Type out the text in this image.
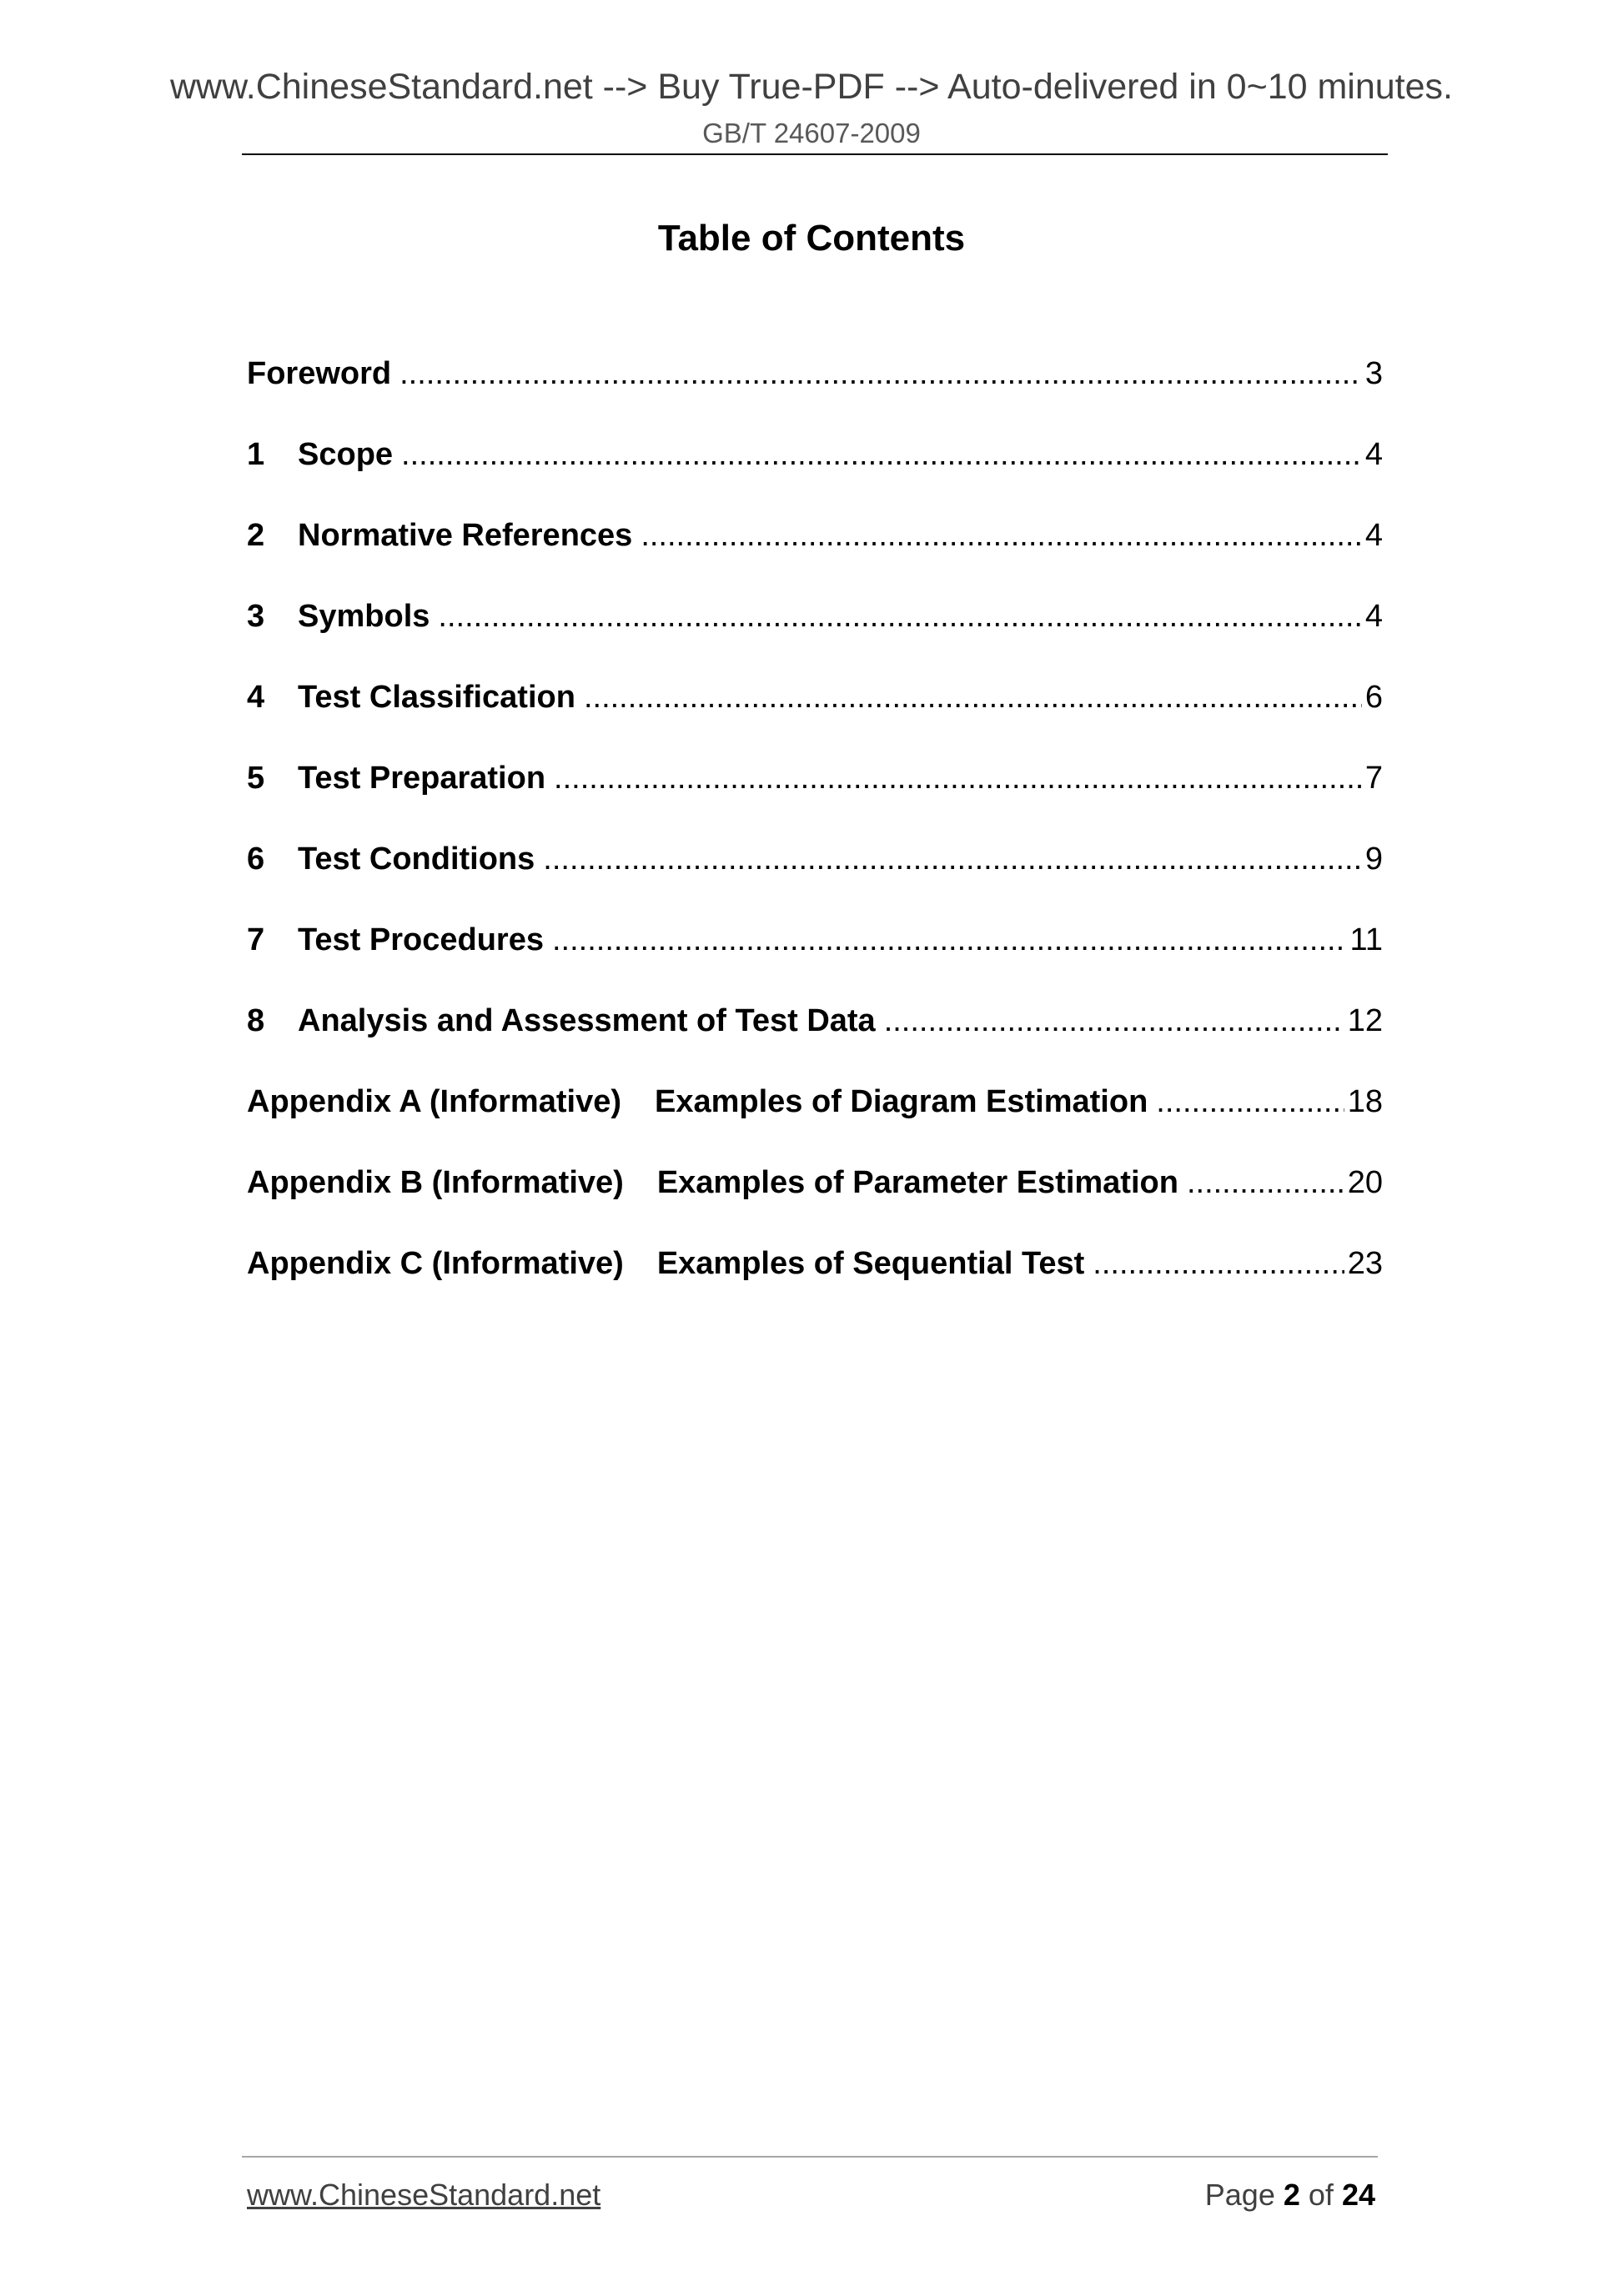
www.ChineseStandard.net --> Buy True-PDF --> Auto-delivered in 0~10 minutes.
GB/T 24607-2009
Table of Contents
Foreword .....	3
1	Scope .....	4
2	Normative References .....	4
3	Symbols .....	4
4	Test Classification .....	6
5	Test Preparation .....	7
6	Test Conditions .....	9
7	Test Procedures .....	11
8	Analysis and Assessment of Test Data .....	12
Appendix A (Informative) Examples of Diagram Estimation .....	18
Appendix B (Informative) Examples of Parameter Estimation .....	20
Appendix C (Informative) Examples of Sequential Test .....	23
www.ChineseStandard.net	Page 2 of 24
